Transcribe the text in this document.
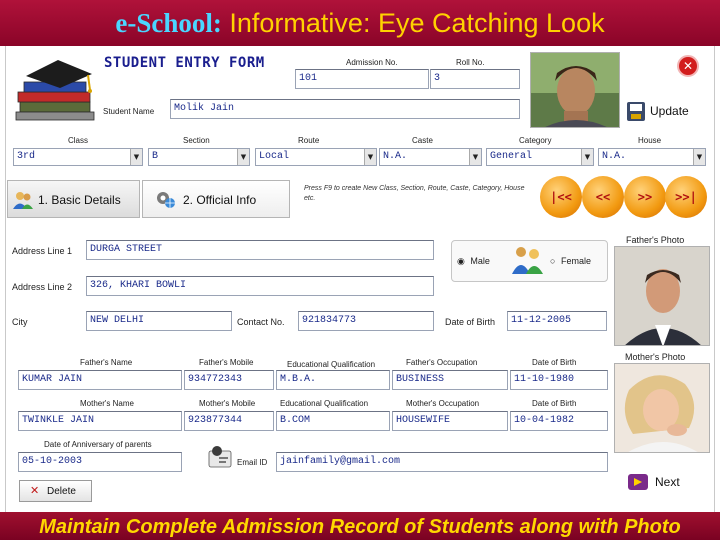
e-School: Informative: Eye Catching Look
STUDENT ENTRY FORM	Admission No.
101
Roll No.
3
Student Name	Molik Jain
✕
Update
Class
3rd	▼
Section
B	▼
Route
Local	▼
Caste
N.A.	▼
Category
General	▼
House
N.A.	▼
1. Basic Details	2. Official Info
Press F9 to create New Class, Section, Route, Caste, Category, House etc.	|<<	<<	>>	>>|
Address Line 1	DURGA STREET
Address Line 2	326, KHARI BOWLI
City	NEW DELHI	Contact No.	921834773	Date of Birth	11-12-2005
◉ Male	○ Female
Father's Photo
Father's Name
KUMAR JAIN
Father's Mobile
934772343
Educational Qualification
M.B.A.
Father's Occupation
BUSINESS
Date of Birth
11-10-1980
Mother's Photo
Mother's Name
TWINKLE JAIN
Mother's Mobile
923877344
Educational Qualification
B.COM
Mother's Occupation
HOUSEWIFE
Date of Birth
10-04-1982
Date of Anniversary of parents
05-10-2003	Email ID	jainfamily@gmail.com
✕ Delete
Next
Maintain Complete Admission Record of Students along with Photo
